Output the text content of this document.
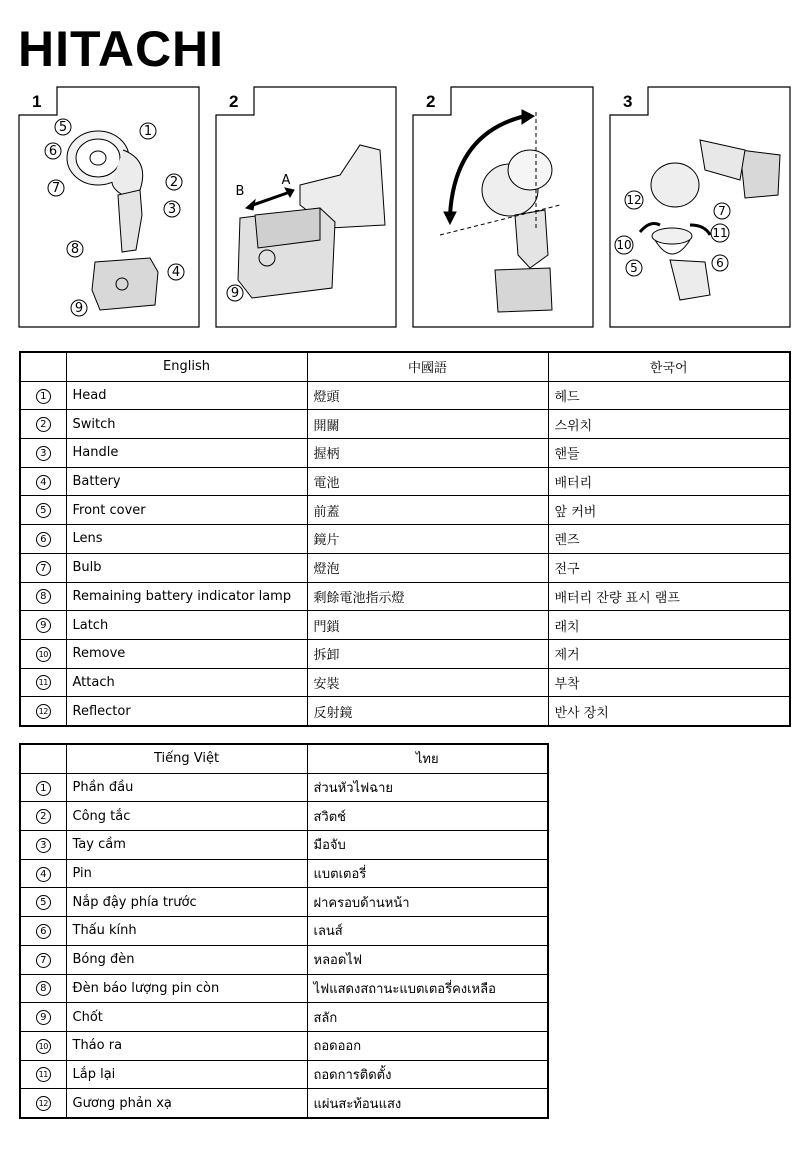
HITACHI
1	2	2	3
5	1
6
2
7
3
8
4
9
A
B
9
12
7
11
10
5	6
	English	中國語	한국어
1	Head	燈頭	헤드
2	Switch	開關	스위치
3	Handle	握柄	핸들
4	Battery	電池	배터리
5	Front cover	前蓋	앞 커버
6	Lens	鏡片	렌즈
7	Bulb	燈泡	전구
8	Remaining battery indicator lamp	剩餘電池指示燈	배터리 잔량 표시 램프
9	Latch	門鎖	래치
10	Remove	拆卸	제거
11	Attach	安裝	부착
12	Reflector	反射鏡	반사 장치
	Tiếng Việt	ไทย
1	Phần đầu	ส่วนหัวไฟฉาย
2	Công tắc	สวิตช์
3	Tay cầm	มือจับ
4	Pin	แบตเตอรี่
5	Nắp đậy phía trước	ฝาครอบด้านหน้า
6	Thấu kính	เลนส์
7	Bóng đèn	หลอดไฟ
8	Đèn báo lượng pin còn	ไฟแสดงสถานะแบตเตอรี่คงเหลือ
9	Chốt	สลัก
10	Tháo ra	ถอดออก
11	Lắp lại	ถอดการติดตั้ง
12	Gương phản xạ	แผ่นสะท้อนแสง
